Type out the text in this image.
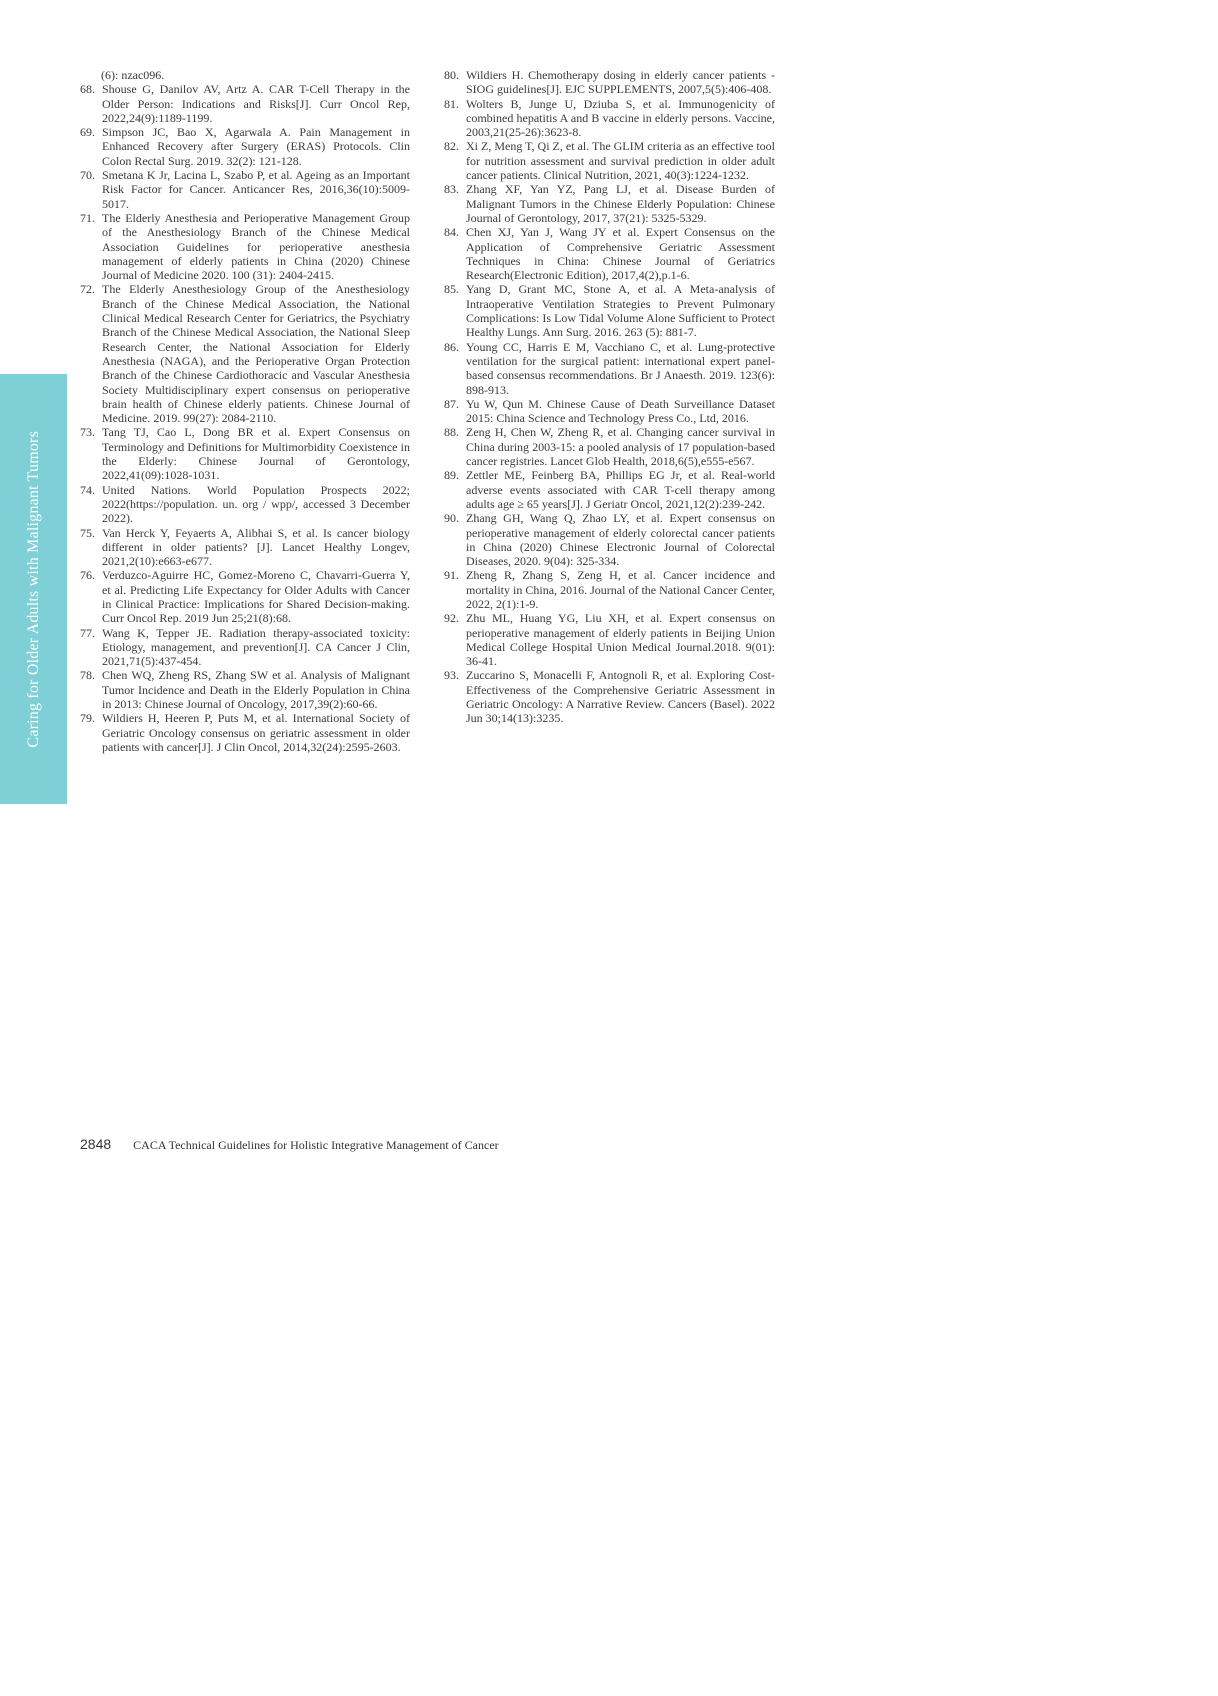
Caring for Older Adults with Malignant Tumors
(6): nzac096.
68. Shouse G, Danilov AV, Artz A. CAR T-Cell Therapy in the Older Person: Indications and Risks[J]. Curr Oncol Rep, 2022,24(9):1189-1199.
69. Simpson JC, Bao X, Agarwala A. Pain Management in Enhanced Recovery after Surgery (ERAS) Protocols. Clin Colon Rectal Surg. 2019. 32(2): 121-128.
70. Smetana K Jr, Lacina L, Szabo P, et al. Ageing as an Important Risk Factor for Cancer. Anticancer Res, 2016,36(10):5009-5017.
71. The Elderly Anesthesia and Perioperative Management Group of the Anesthesiology Branch of the Chinese Medical Association Guidelines for perioperative anesthesia management of elderly patients in China (2020) Chinese Journal of Medicine 2020. 100 (31): 2404-2415.
72. The Elderly Anesthesiology Group of the Anesthesiology Branch of the Chinese Medical Association, the National Clinical Medical Research Center for Geriatrics, the Psychiatry Branch of the Chinese Medical Association, the National Sleep Research Center, the National Association for Elderly Anesthesia (NAGA), and the Perioperative Organ Protection Branch of the Chinese Cardiothoracic and Vascular Anesthesia Society Multidisciplinary expert consensus on perioperative brain health of Chinese elderly patients. Chinese Journal of Medicine. 2019. 99(27): 2084-2110.
73. Tang TJ, Cao L, Dong BR et al. Expert Consensus on Terminology and Definitions for Multimorbidity Coexistence in the Elderly: Chinese Journal of Gerontology, 2022,41(09):1028-1031.
74. United Nations. World Population Prospects 2022; 2022(https://population. un. org / wpp/, accessed 3 December 2022).
75. Van Herck Y, Feyaerts A, Alibhai S, et al. Is cancer biology different in older patients? [J]. Lancet Healthy Longev, 2021,2(10):e663-e677.
76. Verduzco-Aguirre HC, Gomez-Moreno C, Chavarri-Guerra Y, et al. Predicting Life Expectancy for Older Adults with Cancer in Clinical Practice: Implications for Shared Decision-making. Curr Oncol Rep. 2019 Jun 25;21(8):68.
77. Wang K, Tepper JE. Radiation therapy-associated toxicity: Etiology, management, and prevention[J]. CA Cancer J Clin, 2021,71(5):437-454.
78. Chen WQ, Zheng RS, Zhang SW et al. Analysis of Malignant Tumor Incidence and Death in the Elderly Population in China in 2013: Chinese Journal of Oncology, 2017,39(2):60-66.
79. Wildiers H, Heeren P, Puts M, et al. International Society of Geriatric Oncology consensus on geriatric assessment in older patients with cancer[J]. J Clin Oncol, 2014,32(24):2595-2603.
80. Wildiers H. Chemotherapy dosing in elderly cancer patients - SIOG guidelines[J]. EJC SUPPLEMENTS, 2007,5(5):406-408.
81. Wolters B, Junge U, Dziuba S, et al. Immunogenicity of combined hepatitis A and B vaccine in elderly persons. Vaccine, 2003,21(25-26):3623-8.
82. Xi Z, Meng T, Qi Z, et al. The GLIM criteria as an effective tool for nutrition assessment and survival prediction in older adult cancer patients. Clinical Nutrition, 2021, 40(3):1224-1232.
83. Zhang XF, Yan YZ, Pang LJ, et al. Disease Burden of Malignant Tumors in the Chinese Elderly Population: Chinese Journal of Gerontology, 2017, 37(21): 5325-5329.
84. Chen XJ, Yan J, Wang JY et al. Expert Consensus on the Application of Comprehensive Geriatric Assessment Techniques in China: Chinese Journal of Geriatrics Research(Electronic Edition), 2017,4(2),p.1-6.
85. Yang D, Grant MC, Stone A, et al. A Meta-analysis of Intraoperative Ventilation Strategies to Prevent Pulmonary Complications: Is Low Tidal Volume Alone Sufficient to Protect Healthy Lungs. Ann Surg. 2016. 263 (5): 881-7.
86. Young CC, Harris E M, Vacchiano C, et al. Lung-protective ventilation for the surgical patient: international expert panel-based consensus recommendations. Br J Anaesth. 2019. 123(6): 898-913.
87. Yu W, Qun M. Chinese Cause of Death Surveillance Dataset 2015: China Science and Technology Press Co., Ltd, 2016.
88. Zeng H, Chen W, Zheng R, et al. Changing cancer survival in China during 2003-15: a pooled analysis of 17 population-based cancer registries. Lancet Glob Health, 2018,6(5),e555-e567.
89. Zettler ME, Feinberg BA, Phillips EG Jr, et al. Real-world adverse events associated with CAR T-cell therapy among adults age ≥ 65 years[J]. J Geriatr Oncol, 2021,12(2):239-242.
90. Zhang GH, Wang Q, Zhao LY, et al. Expert consensus on perioperative management of elderly colorectal cancer patients in China (2020) Chinese Electronic Journal of Colorectal Diseases, 2020. 9(04): 325-334.
91. Zheng R, Zhang S, Zeng H, et al. Cancer incidence and mortality in China, 2016. Journal of the National Cancer Center, 2022, 2(1):1-9.
92. Zhu ML, Huang YG, Liu XH, et al. Expert consensus on perioperative management of elderly patients in Beijing Union Medical College Hospital Union Medical Journal.2018. 9(01): 36-41.
93. Zuccarino S, Monacelli F, Antognoli R, et al. Exploring Cost-Effectiveness of the Comprehensive Geriatric Assessment in Geriatric Oncology: A Narrative Review. Cancers (Basel). 2022 Jun 30;14(13):3235.
2848 CACA Technical Guidelines for Holistic Integrative Management of Cancer
